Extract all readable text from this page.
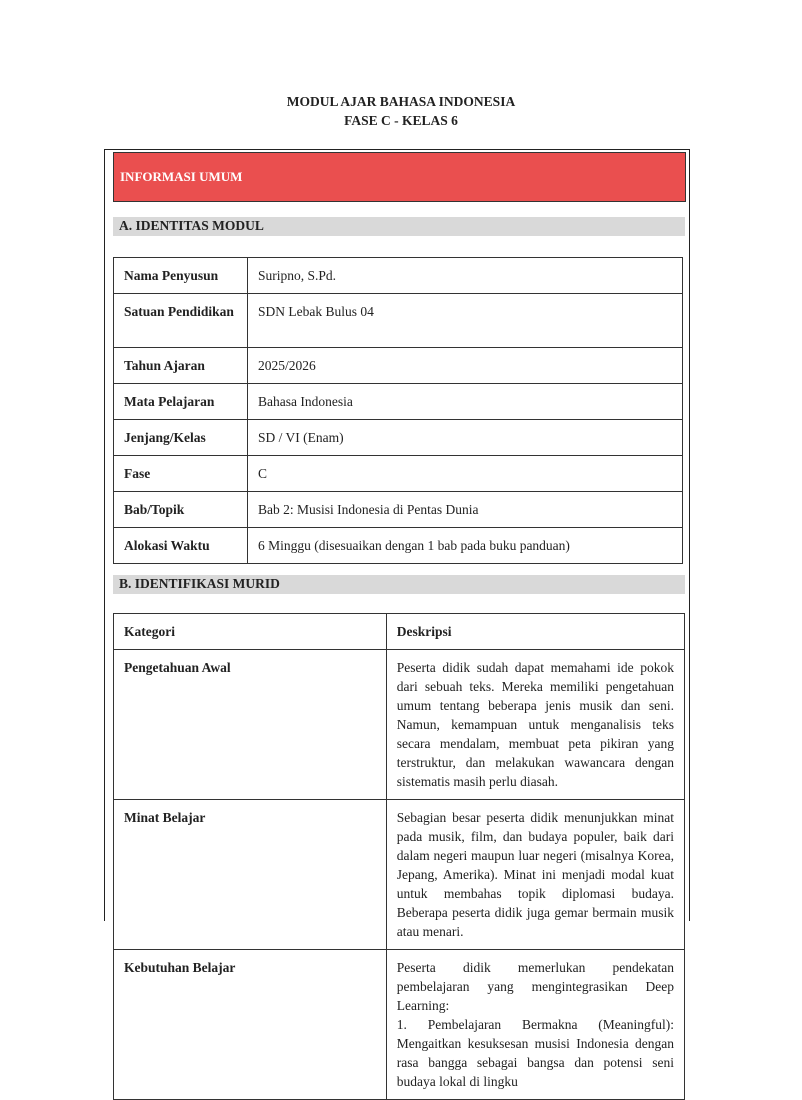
MODUL AJAR BAHASA INDONESIA
FASE C - KELAS 6
INFORMASI UMUM
A. IDENTITAS MODUL
Nama Penyusun	Suripno, S.Pd.
Satuan Pendidikan	SDN Lebak Bulus 04
Tahun Ajaran	2025/2026
Mata Pelajaran	Bahasa Indonesia
Jenjang/Kelas	SD / VI (Enam)
Fase	C
Bab/Topik	Bab 2: Musisi Indonesia di Pentas Dunia
Alokasi Waktu	6 Minggu (disesuaikan dengan 1 bab pada buku panduan)
B. IDENTIFIKASI MURID
Kategori	Deskripsi
Pengetahuan Awal	Peserta didik sudah dapat memahami ide pokok dari sebuah teks. Mereka memiliki pengetahuan umum tentang beberapa jenis musik dan seni. Namun, kemampuan untuk menganalisis teks secara mendalam, membuat peta pikiran yang terstruktur, dan melakukan wawancara dengan sistematis masih perlu diasah.
Minat Belajar	Sebagian besar peserta didik menunjukkan minat pada musik, film, dan budaya populer, baik dari dalam negeri maupun luar negeri (misalnya Korea, Jepang, Amerika). Minat ini menjadi modal kuat untuk membahas topik diplomasi budaya. Beberapa peserta didik juga gemar bermain musik atau menari.
Kebutuhan Belajar	Peserta didik memerlukan pendekatan pembelajaran yang mengintegrasikan Deep Learning:
1. Pembelajaran Bermakna (Meaningful): Mengaitkan kesuksesan musisi Indonesia dengan rasa bangga sebagai bangsa dan potensi seni budaya lokal di lingku
